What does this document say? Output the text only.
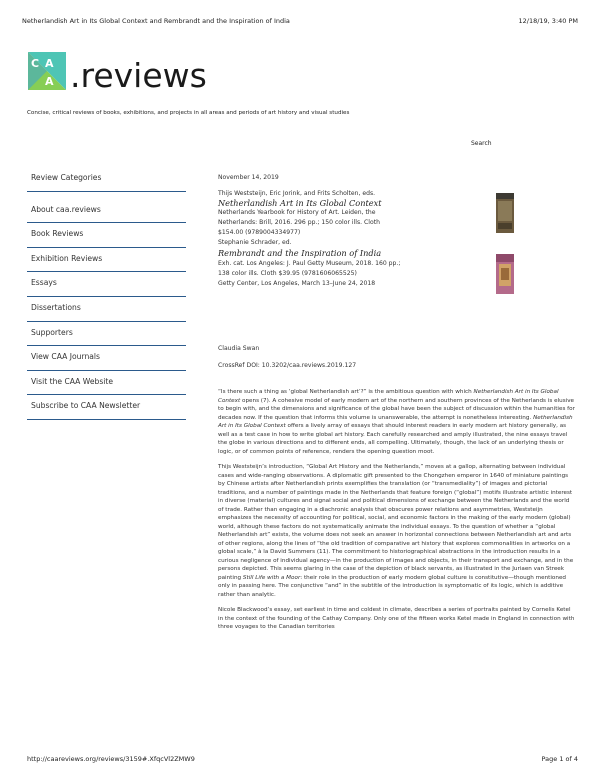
Netherlandish Art in Its Global Context and Rembrandt and the Inspiration of India	12/18/19, 3:40 PM
C A
A .reviews
Concise, critical reviews of books, exhibitions, and projects in all areas and periods of art history and visual studies
Search
Review Categories
About caa.reviews
Book Reviews
Exhibition Reviews
Essays
Dissertations
Supporters
View CAA Journals
Visit the CAA Website
Subscribe to CAA Newsletter
November 14, 2019
Thijs Weststeijn, Eric Jorink, and Frits Scholten, eds.
Netherlandish Art in Its Global Context
Netherlands Yearbook for History of Art. Leiden, the
Netherlands: Brill, 2016. 296 pp.; 150 color ills. Cloth
$154.00 (9789004334977)
Stephanie Schrader, ed.
Rembrandt and the Inspiration of India
Exh. cat. Los Angeles: J. Paul Getty Museum, 2018. 160 pp.;
138 color ills. Cloth $39.95 (9781606065525)
Getty Center, Los Angeles, March 13–June 24, 2018
Claudia Swan
CrossRef DOI: 10.3202/caa.reviews.2019.127

“Is there such a thing as ‘global Netherlandish art’?” is the ambitious question with which Netherlandish Art in Its Global Context opens (7). A cohesive model of early modern art of the northern and southern provinces of the Netherlands is elusive to begin with, and the dimensions and significance of the global have been the subject of discussion within the humanities for decades now. If the question that informs this volume is unanswerable, the attempt is nonetheless interesting. Netherlandish Art in Its Global Context offers a lively array of essays that should interest readers in early modern art history generally, as well as a test case in how to write global art history. Each carefully researched and amply illustrated, the nine essays travel the globe in various directions and to different ends, all compelling. Ultimately, though, the lack of an underlying thesis or logic, or of common points of reference, renders the opening question moot.

Thijs Weststeijn’s introduction, “Global Art History and the Netherlands,” moves at a gallop, alternating between individual cases and wide-ranging observations. A diplomatic gift presented to the Chongzhen emperor in 1640 of miniature paintings by Chinese artists after Netherlandish prints exemplifies the translation (or “transmediality”) of images and pictorial traditions, and a number of paintings made in the Netherlands that feature foreign (“global”) motifs illustrate artistic interest in diverse (material) cultures and signal social and political dimensions of exchange between the Netherlands and the world of trade. Rather than engaging in a diachronic analysis that obscures power relations and asymmetries, Weststeijn emphasizes the necessity of accounting for political, social, and economic factors in the making of the early modern (global) world, although these factors do not systematically animate the individual essays. To the question of whether a “global Netherlandish art” exists, the volume does not seek an answer in horizontal connections between Netherlandish art and arts of other regions, along the lines of “the old tradition of comparative art history that explores commonalities in artworks on a global scale,” à la David Summers (11). The commitment to historiographical abstractions in the introduction results in a curious negligence of individual agency—in the production of images and objects, in their transport and exchange, and in the persons depicted. This seems glaring in the case of the depiction of black servants, as illustrated in the Juriaen van Streek painting Still Life with a Moor: their role in the production of early modern global culture is constitutive—though mentioned only in passing here. The conjunctive “and” in the subtitle of the introduction is symptomatic of its logic, which is additive rather than analytic.

Nicole Blackwood’s essay, set earliest in time and coldest in climate, describes a series of portraits painted by Cornelis Ketel in the context of the founding of the Cathay Company. Only one of the fifteen works Ketel made in England in connection with three voyages to the Canadian territories

http://caareviews.org/reviews/3159#.XfqcVl2ZMW9	Page 1 of 4
